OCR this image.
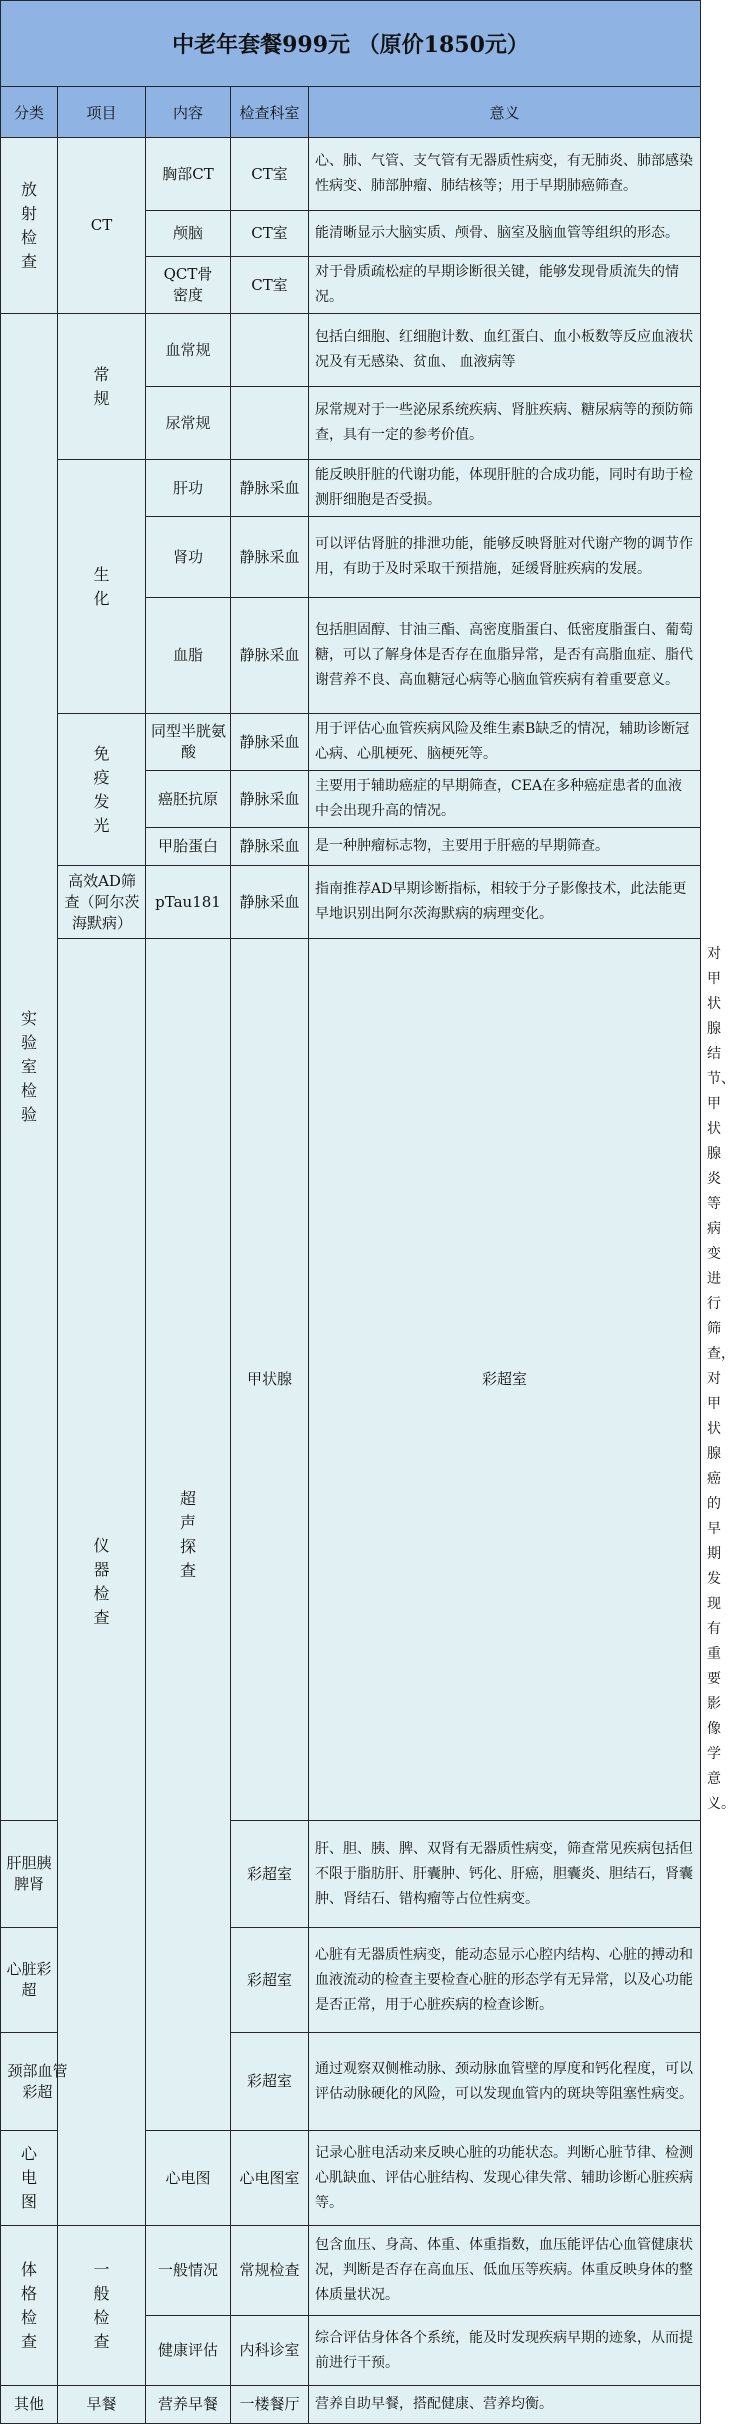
中老年套餐999元 （原价1850元）					
分类	项目	内容	检查科室	意义	

放射检查	CT	胸部CT	CT室	心、肺、气管、支气管有无器质性病变，有无肺炎、肺部感染性病变、肺部肿瘤、肺结核等；用于早期肺癌筛查。	
		颅脑	CT室	能清晰显示大脑实质、颅骨、脑室及脑血管等组织的形态。	

		QCT骨密度	CT室	对于骨质疏松症的早期诊断很关键，能够发现骨质流失的情况。	

实验室检验	常规	血常规		包括白细胞、红细胞计数、血红蛋白、血小板数等反应血液状况及有无感染、贫血、 血液病等	
		尿常规		尿常规对于一些泌尿系统疾病、肾脏疾病、糖尿病等的预防筛查，具有一定的参考价值。	

	生化	肝功	静脉采血	能反映肝脏的代谢功能，体现肝脏的合成功能，同时有助于检测肝细胞是否受损。	
		肾功	静脉采血	可以评估肾脏的排泄功能，能够反映肾脏对代谢产物的调节作用，有助于及时采取干预措施，延缓肾脏疾病的发展。	
		血脂	静脉采血	包括胆固醇、甘油三酯、高密度脂蛋白、低密度脂蛋白、葡萄糖，可以了解身体是否存在血脂异常，是否有高脂血症、脂代谢营养不良、高血糖冠心病等心脑血管疾病有着重要意义。	

	免疫发光	同型半胱氨酸	静脉采血	用于评估心血管疾病风险及维生素B缺乏的情况，辅助诊断冠心病、心肌梗死、脑梗死等。	
		癌胚抗原	静脉采血	主要用于辅助癌症的早期筛查，CEA在多种癌症患者的血液中会出现升高的情况。	
		甲胎蛋白	静脉采血	是一种肿瘤标志物，主要用于肝癌的早期筛查。	

	高效AD筛查（阿尔茨海默病）	pTau181	静脉采血	指南推荐AD早期诊断指标，相较于分子影像技术，此法能更早地识别出阿尔茨海默病的病理变化。	

	仪器检查	超声探查	甲状腺	彩超室	对甲状腺结节、甲状腺炎等病变进行筛查，对甲状腺癌的早期发现有重要影像学意义。
肝胆胰脾肾			彩超室	肝、胆、胰、脾、双肾有无器质性病变，筛查常见疾病包括但不限于脂肪肝、肝囊肿、钙化、肝癌，胆囊炎、胆结石，肾囊肿、肾结石、错构瘤等占位性病变。	
心脏彩超			彩超室	心脏有无器质性病变，能动态显示心腔内结构、心脏的搏动和血液流动的检查主要检查心脏的形态学有无异常，以及心功能是否正常，用于心脏疾病的检查诊断。	

颈部血管彩超			彩超室	通过观察双侧椎动脉、颈动脉血管壁的厚度和钙化程度，可以评估动脉硬化的风险，可以发现血管内的斑块等阻塞性病变。	

心电图		心电图	心电图室	记录心脏电活动来反映心脏的功能状态。判断心脏节律、检测心肌缺血、评估心脏结构、发现心律失常、辅助诊断心脏疾病等。	

体格检查	一般检查	一般情况	常规检查	包含血压、身高、体重、体重指数，血压能评估心血管健康状况，判断是否存在高血压、低血压等疾病。体重反映身体的整体质量状况。	
		健康评估	内科诊室	综合评估身体各个系统，能及时发现疾病早期的迹象，从而提前进行干预。	
其他	早餐	营养早餐	一楼餐厅	营养自助早餐，搭配健康、营养均衡。	
